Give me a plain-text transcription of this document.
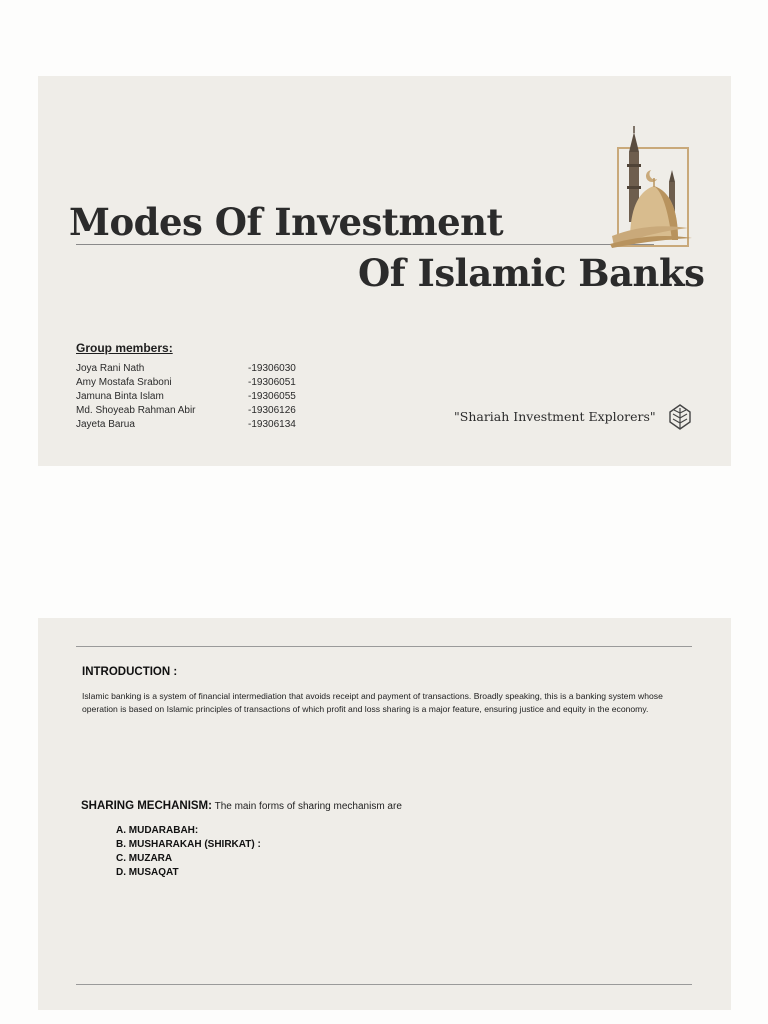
Modes Of Investment
Of Islamic Banks
Group members:
Joya Rani Nath	-19306030
Amy Mostafa Sraboni	-19306051
Jamuna Binta Islam	-19306055
Md. Shoyeab Rahman Abir	-19306126
Jayeta Barua	-19306134
"Shariah Investment Explorers"
INTRODUCTION :

Islamic banking is a system of financial intermediation that avoids receipt and payment of transactions. Broadly speaking, this is a banking system whose operation is based on Islamic principles of transactions of which profit and loss sharing is a major feature, ensuring justice and equity in the economy.

SHARING MECHANISM: The main forms of sharing mechanism are

A. MUDARABAH:
B. MUSHARAKAH (SHIRKAT) :
C. MUZARA
D. MUSAQAT
